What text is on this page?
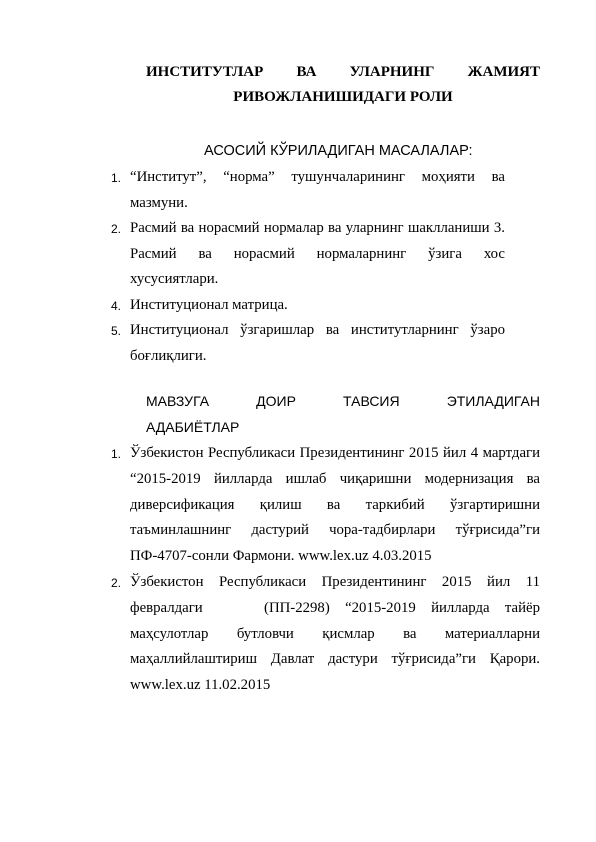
ИНСТИТУТЛАР ВА УЛАРНИНГ ЖАМИЯТ
РИВОЖЛАНИШИДАГИ РОЛИ
АСОСИЙ КЎРИЛАДИГАН МАСАЛАЛАР:
1. “Институт”, “норма” тушунчаларининг моҳияти ва мазмуни.
2. Расмий ва норасмий нормалар ва уларнинг шаклланиши 3. Расмий ва норасмий нормаларнинг ўзига хос хусусиятлари.
4. Институционал матрица.
5. Институционал ўзгаришлар ва институтларнинг ўзаро боғлиқлиги.
МАВЗУГА ДОИР ТАВСИЯ ЭТИЛАДИГАН
АДАБИЁТЛАР
1. Ўзбекистон Республикаси Президентининг 2015 йил 4 мартдаги               “2015-2019 йилларда ишлаб чиқаришни модернизация ва диверсификация қилиш ва таркибий ўзгартиришни таъминлашнинг дастурий чора-тадбирлари тўғрисида”ги ПФ-4707-сонли Фармони. www.lex.uz 4.03.2015
2. Ўзбекистон Республикаси Президентининг 2015 йил 11 февралдаги    (ПП-2298) “2015-2019 йилларда тайёр маҳсулотлар бутловчи қисмлар ва материалларни маҳаллийлаштириш Давлат дастури тўғрисида”ги Қарори. www.lex.uz 11.02.2015
